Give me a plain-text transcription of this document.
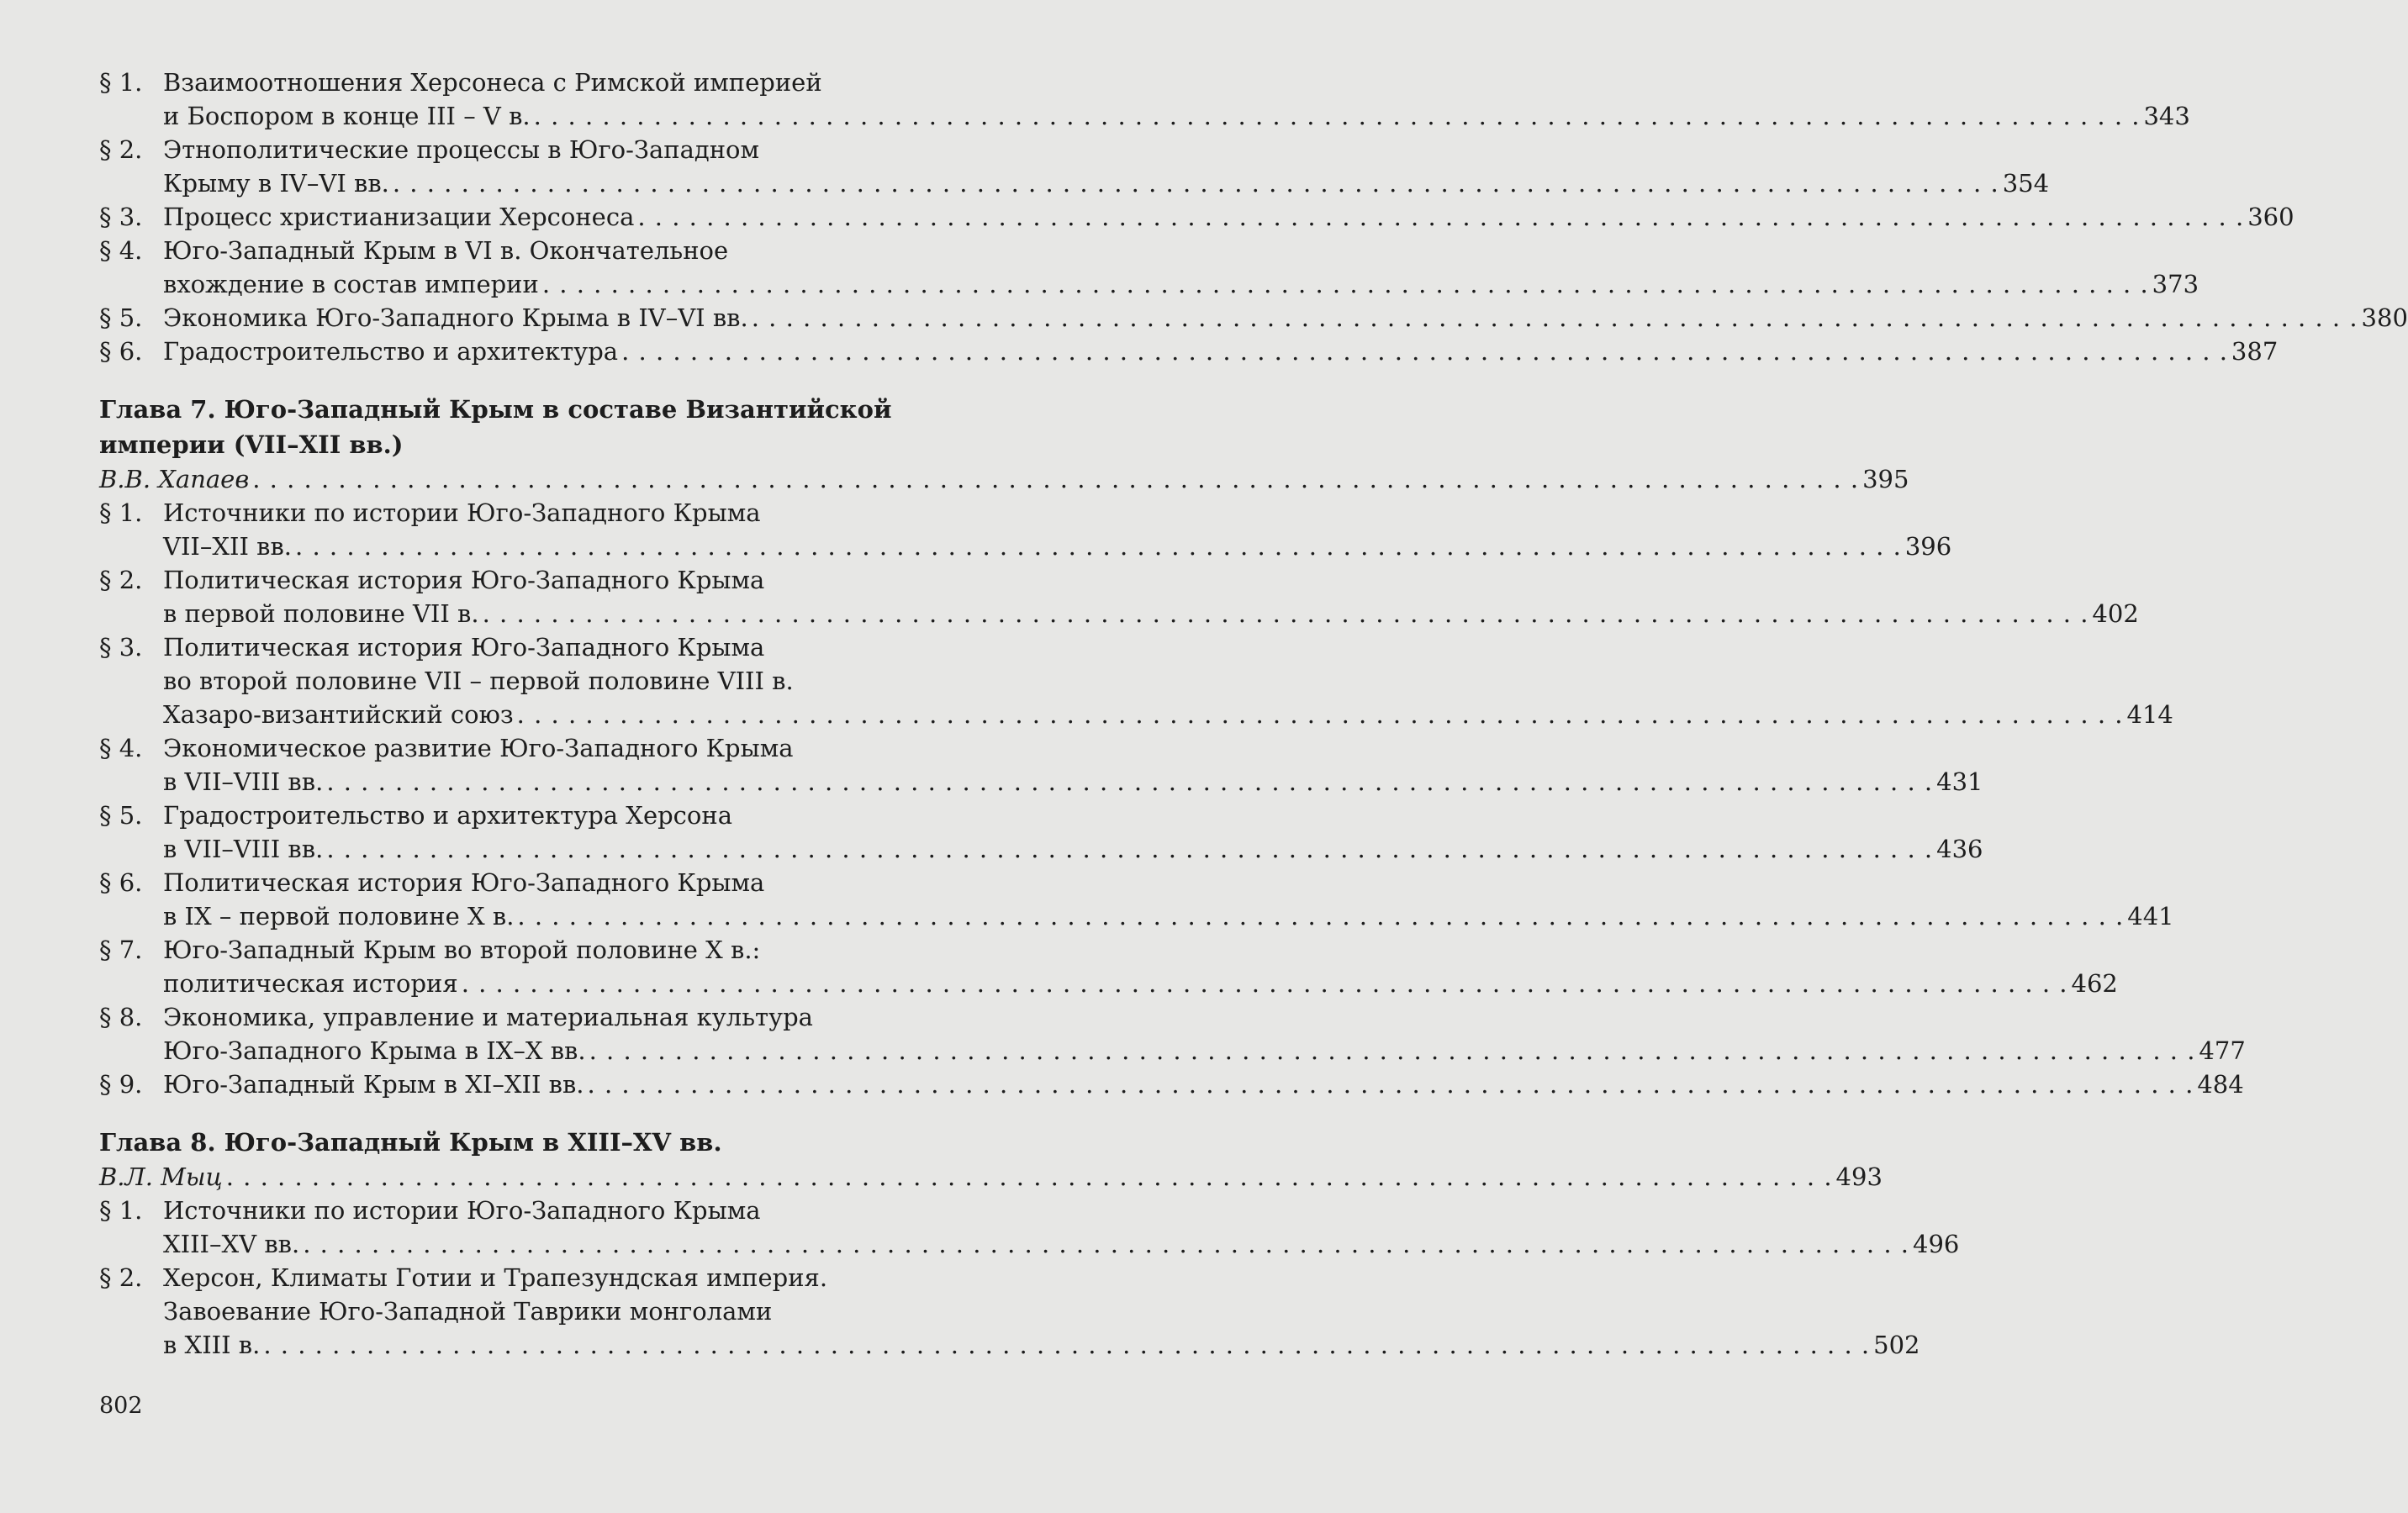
§ 1. Взаимоотношения Херсонеса с Римской империей
и Боспором в конце III – V в. . . .	343
§ 2. Этнополитические процессы в Юго-Западном
Крыму в IV–VI вв. . . .	354
§ 3. Процесс христианизации Херсонеса . . .	360
§ 4. Юго-Западный Крым в VI в. Окончательное
вхождение в состав империи . . .	373
§ 5. Экономика Юго-Западного Крыма в IV–VI вв. . . .	380
§ 6. Градостроительство и архитектура . . .	387
Глава 7. Юго-Западный Крым в составе Византийской
империи (VII–XII вв.)
В.В. Хапаев . . .	395
§ 1. Источники по истории Юго-Западного Крыма
VII–XII вв. . . .	396
§ 2. Политическая история Юго-Западного Крыма
в первой половине VII в. . . .	402
§ 3. Политическая история Юго-Западного Крыма
во второй половине VII – первой половине VIII в.
Хазаро-византийский союз . . .	414
§ 4. Экономическое развитие Юго-Западного Крыма
в VII–VIII вв. . . .	431
§ 5. Градостроительство и архитектура Херсона
в VII–VIII вв. . . .	436
§ 6. Политическая история Юго-Западного Крыма
в IX – первой половине X в. . . .	441
§ 7. Юго-Западный Крым во второй половине X в.:
политическая история . . .	462
§ 8. Экономика, управление и материальная культура
Юго-Западного Крыма в IX–X вв. . . .	477
§ 9. Юго-Западный Крым в XI–XII вв. . . .	484
Глава 8. Юго-Западный Крым в XIII–XV вв.
В.Л. Мыц . . .	493
§ 1. Источники по истории Юго-Западного Крыма
XIII–XV вв. . . .	496
§ 2. Херсон, Климаты Готии и Трапезундская империя.
Завоевание Юго-Западной Таврики монголами
в XIII в. . . .	502
802
